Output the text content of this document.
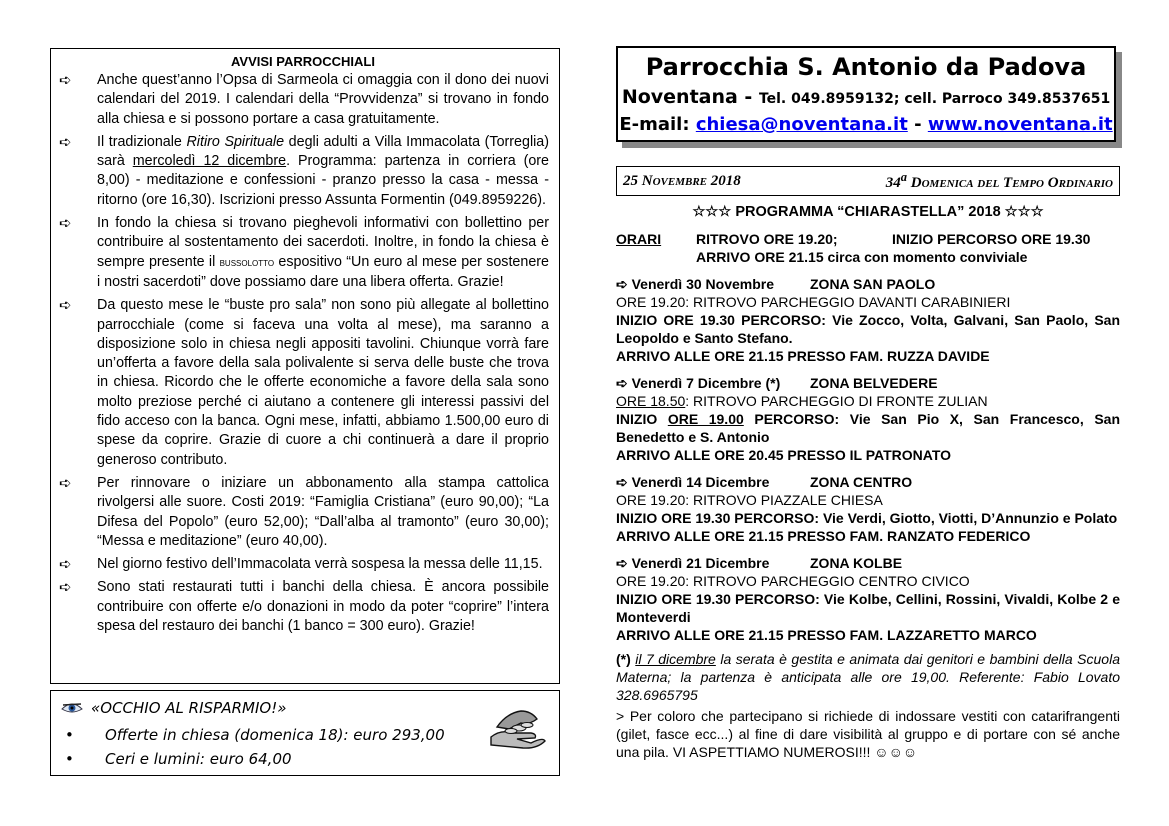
AVVISI PARROCCHIALI
➪	Anche quest’anno l’Opsa di Sarmeola ci omaggia con il dono dei nuovi calendari del 2019. I calendari della “Provvidenza” si trovano in fondo alla chiesa e si possono portare a casa gratuitamente.
➪	Il tradizionale Ritiro Spirituale degli adulti a Villa Immacolata (Torreglia) sarà mercoledì 12 dicembre. Programma: partenza in corriera (ore 8,00) - meditazione e confessioni - pranzo presso la casa - messa - ritorno (ore 16,30). Iscrizioni presso Assunta Formentin (049.8959226).
➪	In fondo la chiesa si trovano pieghevoli informativi con bollettino per contribuire al sostentamento dei sacerdoti. Inoltre, in fondo la chiesa è sempre presente il bussolotto espositivo “Un euro al mese per sostenere i nostri sacerdoti” dove possiamo dare una libera offerta. Grazie!
➪	Da questo mese le “buste pro sala” non sono più allegate al bollettino parrocchiale (come si faceva una volta al mese), ma saranno a disposizione solo in chiesa negli appositi tavolini. Chiunque vorrà fare un’offerta a favore della sala polivalente si serva delle buste che trova in chiesa. Ricordo che le offerte economiche a favore della sala sono molto preziose perché ci aiutano a contenere gli interessi passivi del fido acceso con la banca. Ogni mese, infatti, abbiamo 1.500,00 euro di spese da coprire. Grazie di cuore a chi continuerà a dare il proprio generoso contributo.
➪	Per rinnovare o iniziare un abbonamento alla stampa cattolica rivolgersi alle suore. Costi 2019: “Famiglia Cristiana” (euro 90,00); “La Difesa del Popolo” (euro 52,00); “Dall’alba al tramonto” (euro 30,00); “Messa e meditazione” (euro 40,00).
➪	Nel giorno festivo dell’Immacolata verrà sospesa la messa delle 11,15.
➪	Sono stati restaurati tutti i banchi della chiesa. È ancora possibile contribuire con offerte e/o donazioni in modo da poter “coprire” l’intera spesa del restauro dei banchi (1 banco = 300 euro). Grazie!
«OCCHIO AL RISPARMIO!»
• Offerte in chiesa (domenica 18): euro 293,00
• Ceri e lumini: euro 64,00
Parrocchia S. Antonio da Padova
Noventana - Tel. 049.8959132; cell. Parroco 349.8537651
E-mail: chiesa@noventana.it - www.noventana.it
25 Novembre 2018	34$^a$ Domenica del Tempo Ordinario
☆☆☆ PROGRAMMA “CHIARASTELLA” 2018 ☆☆☆
ORARI	RITROVO ORE 19.20;	INIZIO PERCORSO ORE 19.30
ARRIVO ORE 21.15 circa con momento conviviale
➪ Venerdì 30 Novembre	ZONA SAN PAOLO
ORE 19.20: RITROVO PARCHEGGIO DAVANTI CARABINIERI
INIZIO ORE 19.30 PERCORSO: Vie Zocco, Volta, Galvani, San Paolo, San Leopoldo e Santo Stefano.
ARRIVO ALLE ORE 21.15 PRESSO FAM. RUZZA DAVIDE
➪ Venerdì 7 Dicembre (*)	ZONA BELVEDERE
ORE 18.50: RITROVO PARCHEGGIO DI FRONTE ZULIAN
INIZIO ORE 19.00 PERCORSO: Vie San Pio X, San Francesco, San Benedetto e S. Antonio
ARRIVO ALLE ORE 20.45 PRESSO IL PATRONATO
➪ Venerdì 14 Dicembre	ZONA CENTRO
ORE 19.20: RITROVO PIAZZALE CHIESA
INIZIO ORE 19.30 PERCORSO: Vie Verdi, Giotto, Viotti, D’Annunzio e Polato
ARRIVO ALLE ORE 21.15 PRESSO FAM. RANZATO FEDERICO
➪ Venerdì 21 Dicembre	ZONA KOLBE
ORE 19.20: RITROVO PARCHEGGIO CENTRO CIVICO
INIZIO ORE 19.30 PERCORSO: Vie Kolbe, Cellini, Rossini, Vivaldi, Kolbe 2 e Monteverdi
ARRIVO ALLE ORE 21.15 PRESSO FAM. LAZZARETTO MARCO
(*) il 7 dicembre la serata è gestita e animata dai genitori e bambini della Scuola Materna; la partenza è anticipata alle ore 19,00. Referente: Fabio Lovato 328.6965795
> Per coloro che partecipano si richiede di indossare vestiti con catarifrangenti (gilet, fasce ecc...) al fine di dare visibilità al gruppo e di portare con sé anche una pila. VI ASPETTIAMO NUMEROSI!!! ☺☺☺
